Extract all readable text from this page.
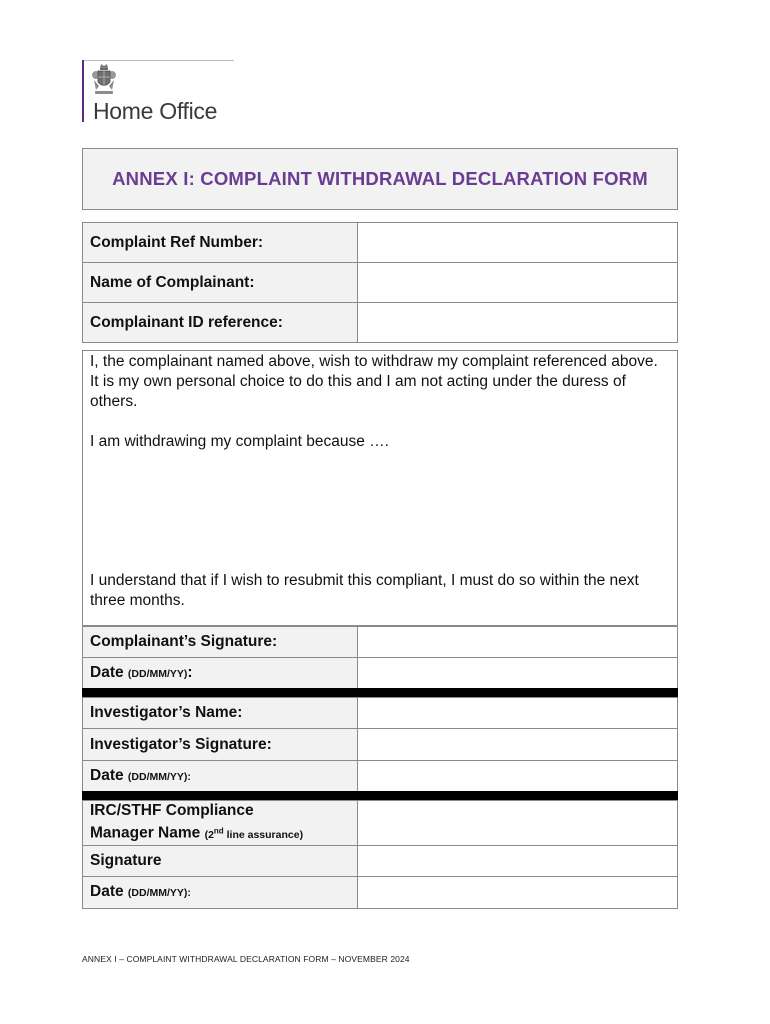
Home Office
ANNEX I: COMPLAINT WITHDRAWAL DECLARATION FORM
Complaint Ref Number:	
Name of Complainant:	
Complainant ID reference:	

I, the complainant named above, wish to withdraw my complaint referenced above. It is my own personal choice to do this and I am not acting under the duress of others.

I am withdrawing my complaint because ….

I understand that if I wish to resubmit this compliant, I must do so within the next three months.

Complainant’s Signature:	
Date (DD/MM/YY):	
Investigator’s Name:	
Investigator’s Signature:	
Date (DD/MM/YY):	
IRC/STHF Compliance
Manager Name (2nd line assurance)	
Signature	
Date (DD/MM/YY):	
ANNEX I – COMPLAINT WITHDRAWAL DECLARATION FORM – NOVEMBER 2024
